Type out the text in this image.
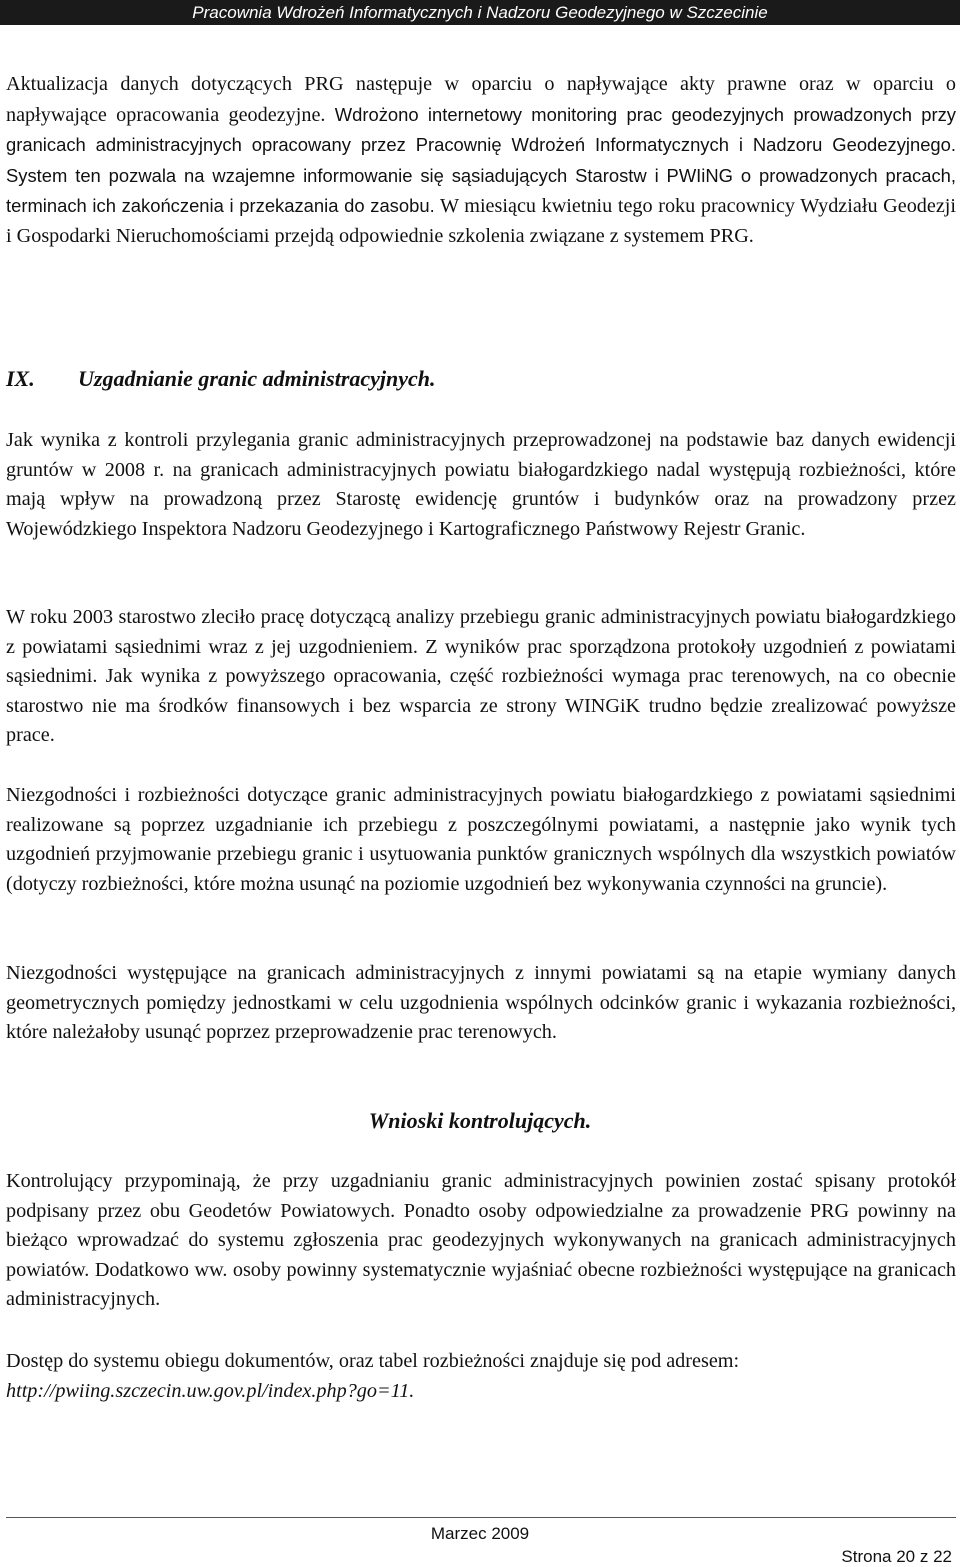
Pracownia Wdrożeń Informatycznych i Nadzoru Geodezyjnego w Szczecinie
Aktualizacja danych dotyczących PRG następuje w oparciu o napływające akty prawne oraz w oparciu o napływające opracowania geodezyjne. Wdrożono internetowy monitoring prac geodezyjnych prowadzonych przy granicach administracyjnych opracowany przez Pracownię Wdrożeń Informatycznych i Nadzoru Geodezyjnego. System ten pozwala na wzajemne informowanie się sąsiadujących Starostw i PWIiNG o prowadzonych pracach, terminach ich zakończenia i przekazania do zasobu. W miesiącu kwietniu tego roku pracownicy Wydziału Geodezji i Gospodarki Nieruchomościami przejdą odpowiednie szkolenia związane z systemem PRG.
IX. Uzgadnianie granic administracyjnych.
Jak wynika z kontroli przylegania granic administracyjnych przeprowadzonej na podstawie baz danych ewidencji gruntów w 2008 r. na granicach administracyjnych powiatu białogardzkiego nadal występują rozbieżności, które mają wpływ na prowadzoną przez Starostę ewidencję gruntów i budynków oraz na prowadzony przez Wojewódzkiego Inspektora Nadzoru Geodezyjnego i Kartograficznego Państwowy Rejestr Granic.
W roku 2003 starostwo zleciło pracę dotyczącą analizy przebiegu granic administracyjnych powiatu białogardzkiego z powiatami sąsiednimi wraz z jej uzgodnieniem. Z wyników prac sporządzona protokoły uzgodnień z powiatami sąsiednimi. Jak wynika z powyższego opracowania, część rozbieżności wymaga prac terenowych, na co obecnie starostwo nie ma środków finansowych i bez wsparcia ze strony WINGiK trudno będzie zrealizować powyższe prace.
Niezgodności i rozbieżności dotyczące granic administracyjnych powiatu białogardzkiego z powiatami sąsiednimi realizowane są poprzez uzgadnianie ich przebiegu z poszczególnymi powiatami, a następnie jako wynik tych uzgodnień przyjmowanie przebiegu granic i usytuowania punktów granicznych wspólnych dla wszystkich powiatów (dotyczy rozbieżności, które można usunąć na poziomie uzgodnień bez wykonywania czynności na gruncie).
Niezgodności występujące na granicach administracyjnych z innymi powiatami są na etapie wymiany danych geometrycznych pomiędzy jednostkami w celu uzgodnienia wspólnych odcinków granic i wykazania rozbieżności, które należałoby usunąć poprzez przeprowadzenie prac terenowych.
Wnioski kontrolujących.
Kontrolujący przypominają, że przy uzgadnianiu granic administracyjnych powinien zostać spisany protokół podpisany przez obu Geodetów Powiatowych. Ponadto osoby odpowiedzialne za prowadzenie PRG powinny na bieżąco wprowadzać do systemu zgłoszenia prac geodezyjnych wykonywanych na granicach administracyjnych powiatów. Dodatkowo ww. osoby powinny systematycznie wyjaśniać obecne rozbieżności występujące na granicach administracyjnych.
Dostęp do systemu obiegu dokumentów, oraz tabel rozbieżności znajduje się pod adresem:
http://pwiing.szczecin.uw.gov.pl/index.php?go=11.
Marzec 2009
Strona 20 z 22
